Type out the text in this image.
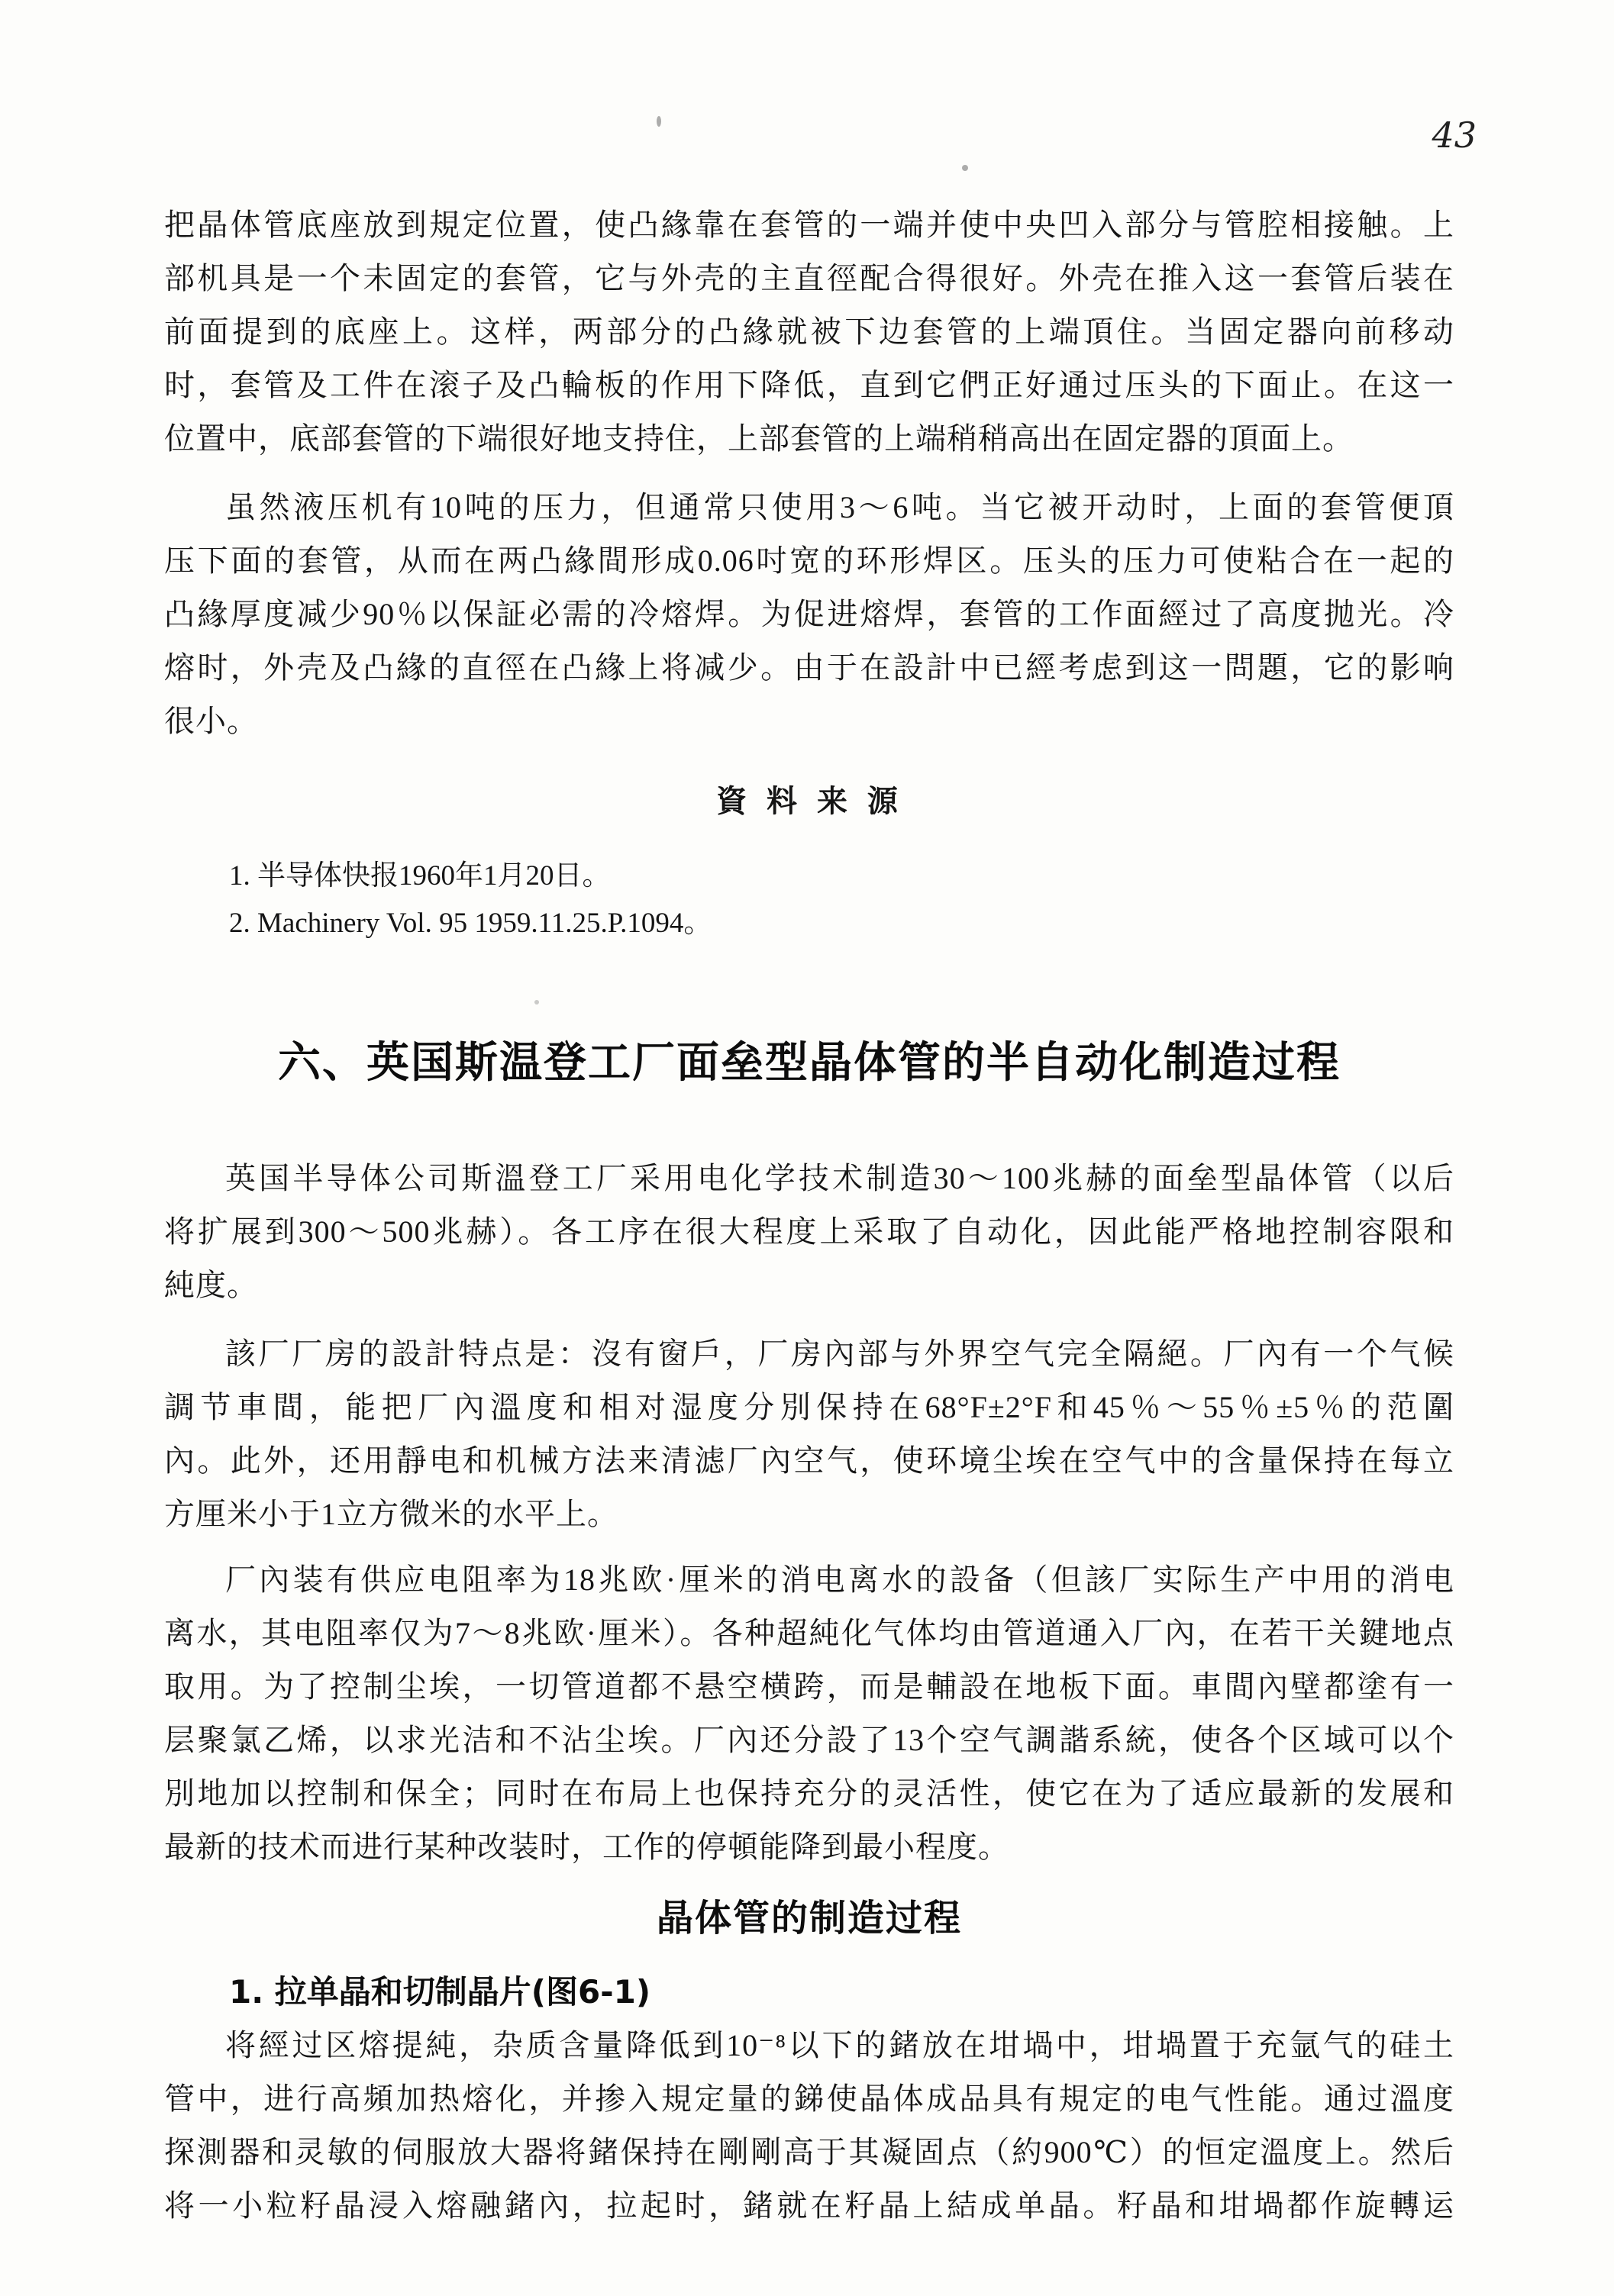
43
把晶体管底座放到規定位置，使凸緣靠在套管的一端并使中央凹入部分与管腔相接触。上
部机具是一个未固定的套管，它与外壳的主直徑配合得很好。外壳在推入这一套管后装在
前面提到的底座上。这样，两部分的凸緣就被下边套管的上端頂住。当固定器向前移动
时，套管及工件在滚子及凸輪板的作用下降低，直到它們正好通过压头的下面止。在这一
位置中，底部套管的下端很好地支持住，上部套管的上端稍稍高出在固定器的頂面上。
虽然液压机有10吨的压力，但通常只使用3～6吨。当它被开动时，上面的套管便頂
压下面的套管，从而在两凸緣間形成0.06吋宽的环形焊区。压头的压力可使粘合在一起的
凸緣厚度减少90％以保証必需的冷熔焊。为促进熔焊，套管的工作面經过了高度抛光。冷
熔时，外壳及凸緣的直徑在凸緣上将减少。由于在設計中已經考虑到这一問題，它的影响
很小。
資 料 来 源
1. 半导体快报1960年1月20日。
2. Machinery Vol. 95 1959.11.25.P.1094。
六、英国斯温登工厂面垒型晶体管的半自动化制造过程
英国半导体公司斯溫登工厂采用电化学技术制造30～100兆赫的面垒型晶体管（以后
将扩展到300～500兆赫）。各工序在很大程度上采取了自动化，因此能严格地控制容限和
純度。
該厂厂房的設計特点是：沒有窗戶，厂房內部与外界空气完全隔絕。厂內有一个气候
調节車間，能把厂內溫度和相对湿度分別保持在68°F±2°F和45％～55％±5％的范圍
內。此外，还用靜电和机械方法来清滤厂內空气，使环境尘埃在空气中的含量保持在每立
方厘米小于1立方微米的水平上。
厂內装有供应电阻率为18兆欧·厘米的消电离水的設备（但該厂实际生产中用的消电
离水，其电阻率仅为7～8兆欧·厘米）。各种超純化气体均由管道通入厂內，在若干关鍵地点
取用。为了控制尘埃，一切管道都不悬空横跨，而是輔設在地板下面。車間內壁都塗有一
层聚氯乙烯，以求光洁和不沾尘埃。厂內还分設了13个空气調諧系統，使各个区域可以个
別地加以控制和保全；同时在布局上也保持充分的灵活性，使它在为了适应最新的发展和
最新的技术而进行某种改装时，工作的停頓能降到最小程度。
晶体管的制造过程
1. 拉单晶和切制晶片(图6-1)
将經过区熔提純，杂质含量降低到10⁻⁸以下的鍺放在坩堝中，坩堝置于充氩气的硅土
管中，进行高頻加热熔化，并掺入規定量的銻使晶体成品具有規定的电气性能。通过溫度
探測器和灵敏的伺服放大器将鍺保持在剛剛高于其凝固点（約900℃）的恒定溫度上。然后
将一小粒籽晶浸入熔融鍺內，拉起时，鍺就在籽晶上結成单晶。籽晶和坩堝都作旋轉运
